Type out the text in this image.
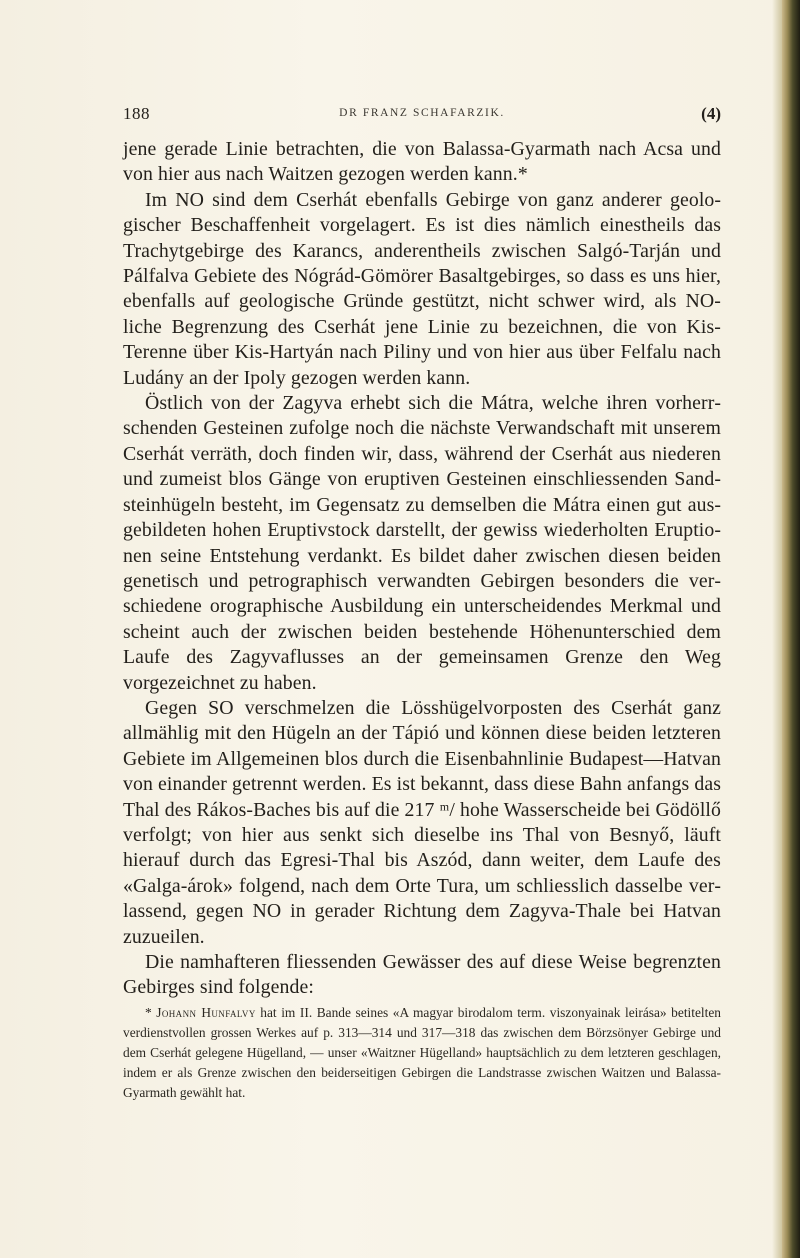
188	DR FRANZ SCHAFARZIK.	(4)

jene gerade Linie betrachten, die von Balassa-Gyarmath nach Acsa und von hier aus nach Waitzen gezogen werden kann.*

Im NO sind dem Cserhát ebenfalls Gebirge von ganz anderer geologischer Beschaffenheit vorgelagert. Es ist dies nämlich einestheils das Trachytgebirge des Karancs, anderentheils zwischen Salgó-Tarján und Pálfalva Gebiete des Nógrád-Gömörer Basaltgebirges, so dass es uns hier, ebenfalls auf geologische Gründe gestützt, nicht schwer wird, als NO-liche Begrenzung des Cserhát jene Linie zu bezeichnen, die von Kis-Terenne über Kis-Hartyán nach Piliny und von hier aus über Felfalu nach Ludány an der Ipoly gezogen werden kann.

Östlich von der Zagyva erhebt sich die Mátra, welche ihren vorherrschenden Gesteinen zufolge noch die nächste Verwandschaft mit unserem Cserhát verräth, doch finden wir, dass, während der Cserhát aus niederen und zumeist blos Gänge von eruptiven Gesteinen einschliessenden Sandsteinhügeln besteht, im Gegensatz zu demselben die Mátra einen gut ausgebildeten hohen Eruptivstock darstellt, der gewiss wiederholten Eruptionen seine Entstehung verdankt. Es bildet daher zwischen diesen beiden genetisch und petrographisch verwandten Gebirgen besonders die verschiedene orographische Ausbildung ein unterscheidendes Merkmal und scheint auch der zwischen beiden bestehende Höhenunterschied dem Laufe des Zagyvaflusses an der gemeinsamen Grenze den Weg vorgezeichnet zu haben.

Gegen SO verschmelzen die Lösshügelvorposten des Cserhát ganz allmählig mit den Hügeln an der Tápió und können diese beiden letzteren Gebiete im Allgemeinen blos durch die Eisenbahnlinie Budapest—Hatvan von einander getrennt werden. Es ist bekannt, dass diese Bahn anfangs das Thal des Rákos-Baches bis auf die 217 ᵐ/ hohe Wasserscheide bei Gödöllő verfolgt; von hier aus senkt sich dieselbe ins Thal von Besnyő, läuft hierauf durch das Egresi-Thal bis Aszód, dann weiter, dem Laufe des «Galga-árok» folgend, nach dem Orte Tura, um schliesslich dasselbe verlassend, gegen NO in gerader Richtung dem Zagyva-Thale bei Hatvan zuzueilen.

Die namhafteren fliessenden Gewässer des auf diese Weise begrenzten Gebirges sind folgende:

* Johann Hunfalvy hat im II. Bande seines «A magyar birodalom term. viszonyainak leirása» betitelten verdienstvollen grossen Werkes auf p. 313—314 und 317—318 das zwischen dem Börzsönyer Gebirge und dem Cserhát gelegene Hügelland, — unser «Waitzner Hügelland» hauptsächlich zu dem letzteren geschlagen, indem er als Grenze zwischen den beiderseitigen Gebirgen die Landstrasse zwischen Waitzen und Balassa-Gyarmath gewählt hat.
